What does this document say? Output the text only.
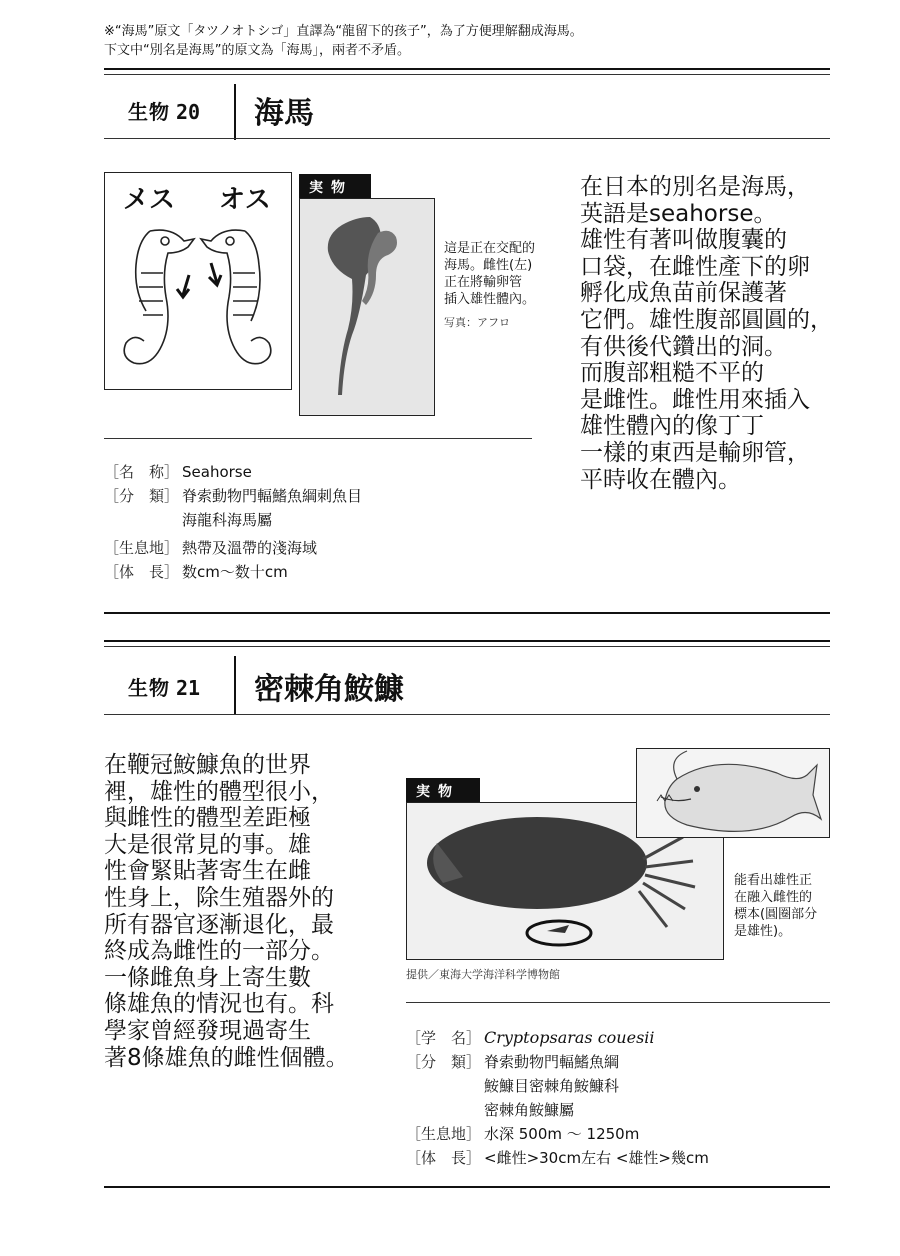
※“海馬”原文「タツノオトシゴ」直譯為“龍留下的孩子”，為了方便理解翻成海馬。
下文中“別名是海馬”的原文為「海馬」，兩者不矛盾。
生物 20 海馬
メス オス	実物
這是正在交配的
海馬。雌性(左)
正在將輸卵管
插入雄性體內。
写真：アフロ
在日本的別名是海馬，
英語是seahorse。
雄性有著叫做腹囊的
口袋，在雌性產下的卵
孵化成魚苗前保護著
它們。雄性腹部圓圓的，
有供後代鑽出的洞。
而腹部粗糙不平的
是雌性。雌性用來插入
雄性體內的像丁丁
一樣的東西是輸卵管，
平時收在體內。
［名　称］ Seahorse
［分　類］ 脊索動物門輻鰭魚綱刺魚目
海龍科海馬屬
［生息地］ 熱帶及溫帶的淺海域
［体　長］ 数cm〜数十cm
生物 21 密棘角鮟鱇
在鞭冠鮟鱇魚的世界
裡，雄性的體型很小，
與雌性的體型差距極
大是很常見的事。雄
性會緊貼著寄生在雌
性身上，除生殖器外的
所有器官逐漸退化，最
終成為雌性的一部分。
一條雌魚身上寄生數
條雄魚的情況也有。科
學家曾經發現過寄生
著8條雄魚的雌性個體。
実物
能看出雄性正
在融入雌性的
標本(圓圈部分
是雄性)。
提供／東海大学海洋科学博物館
［学　名］ Cryptopsaras couesii
［分　類］ 脊索動物門輻鰭魚綱
鮟鱇目密棘角鮟鱇科
密棘角鮟鱇屬
［生息地］ 水深 500m 〜 1250m
［体　長］ <雌性>30cm左右 <雄性>幾cm
